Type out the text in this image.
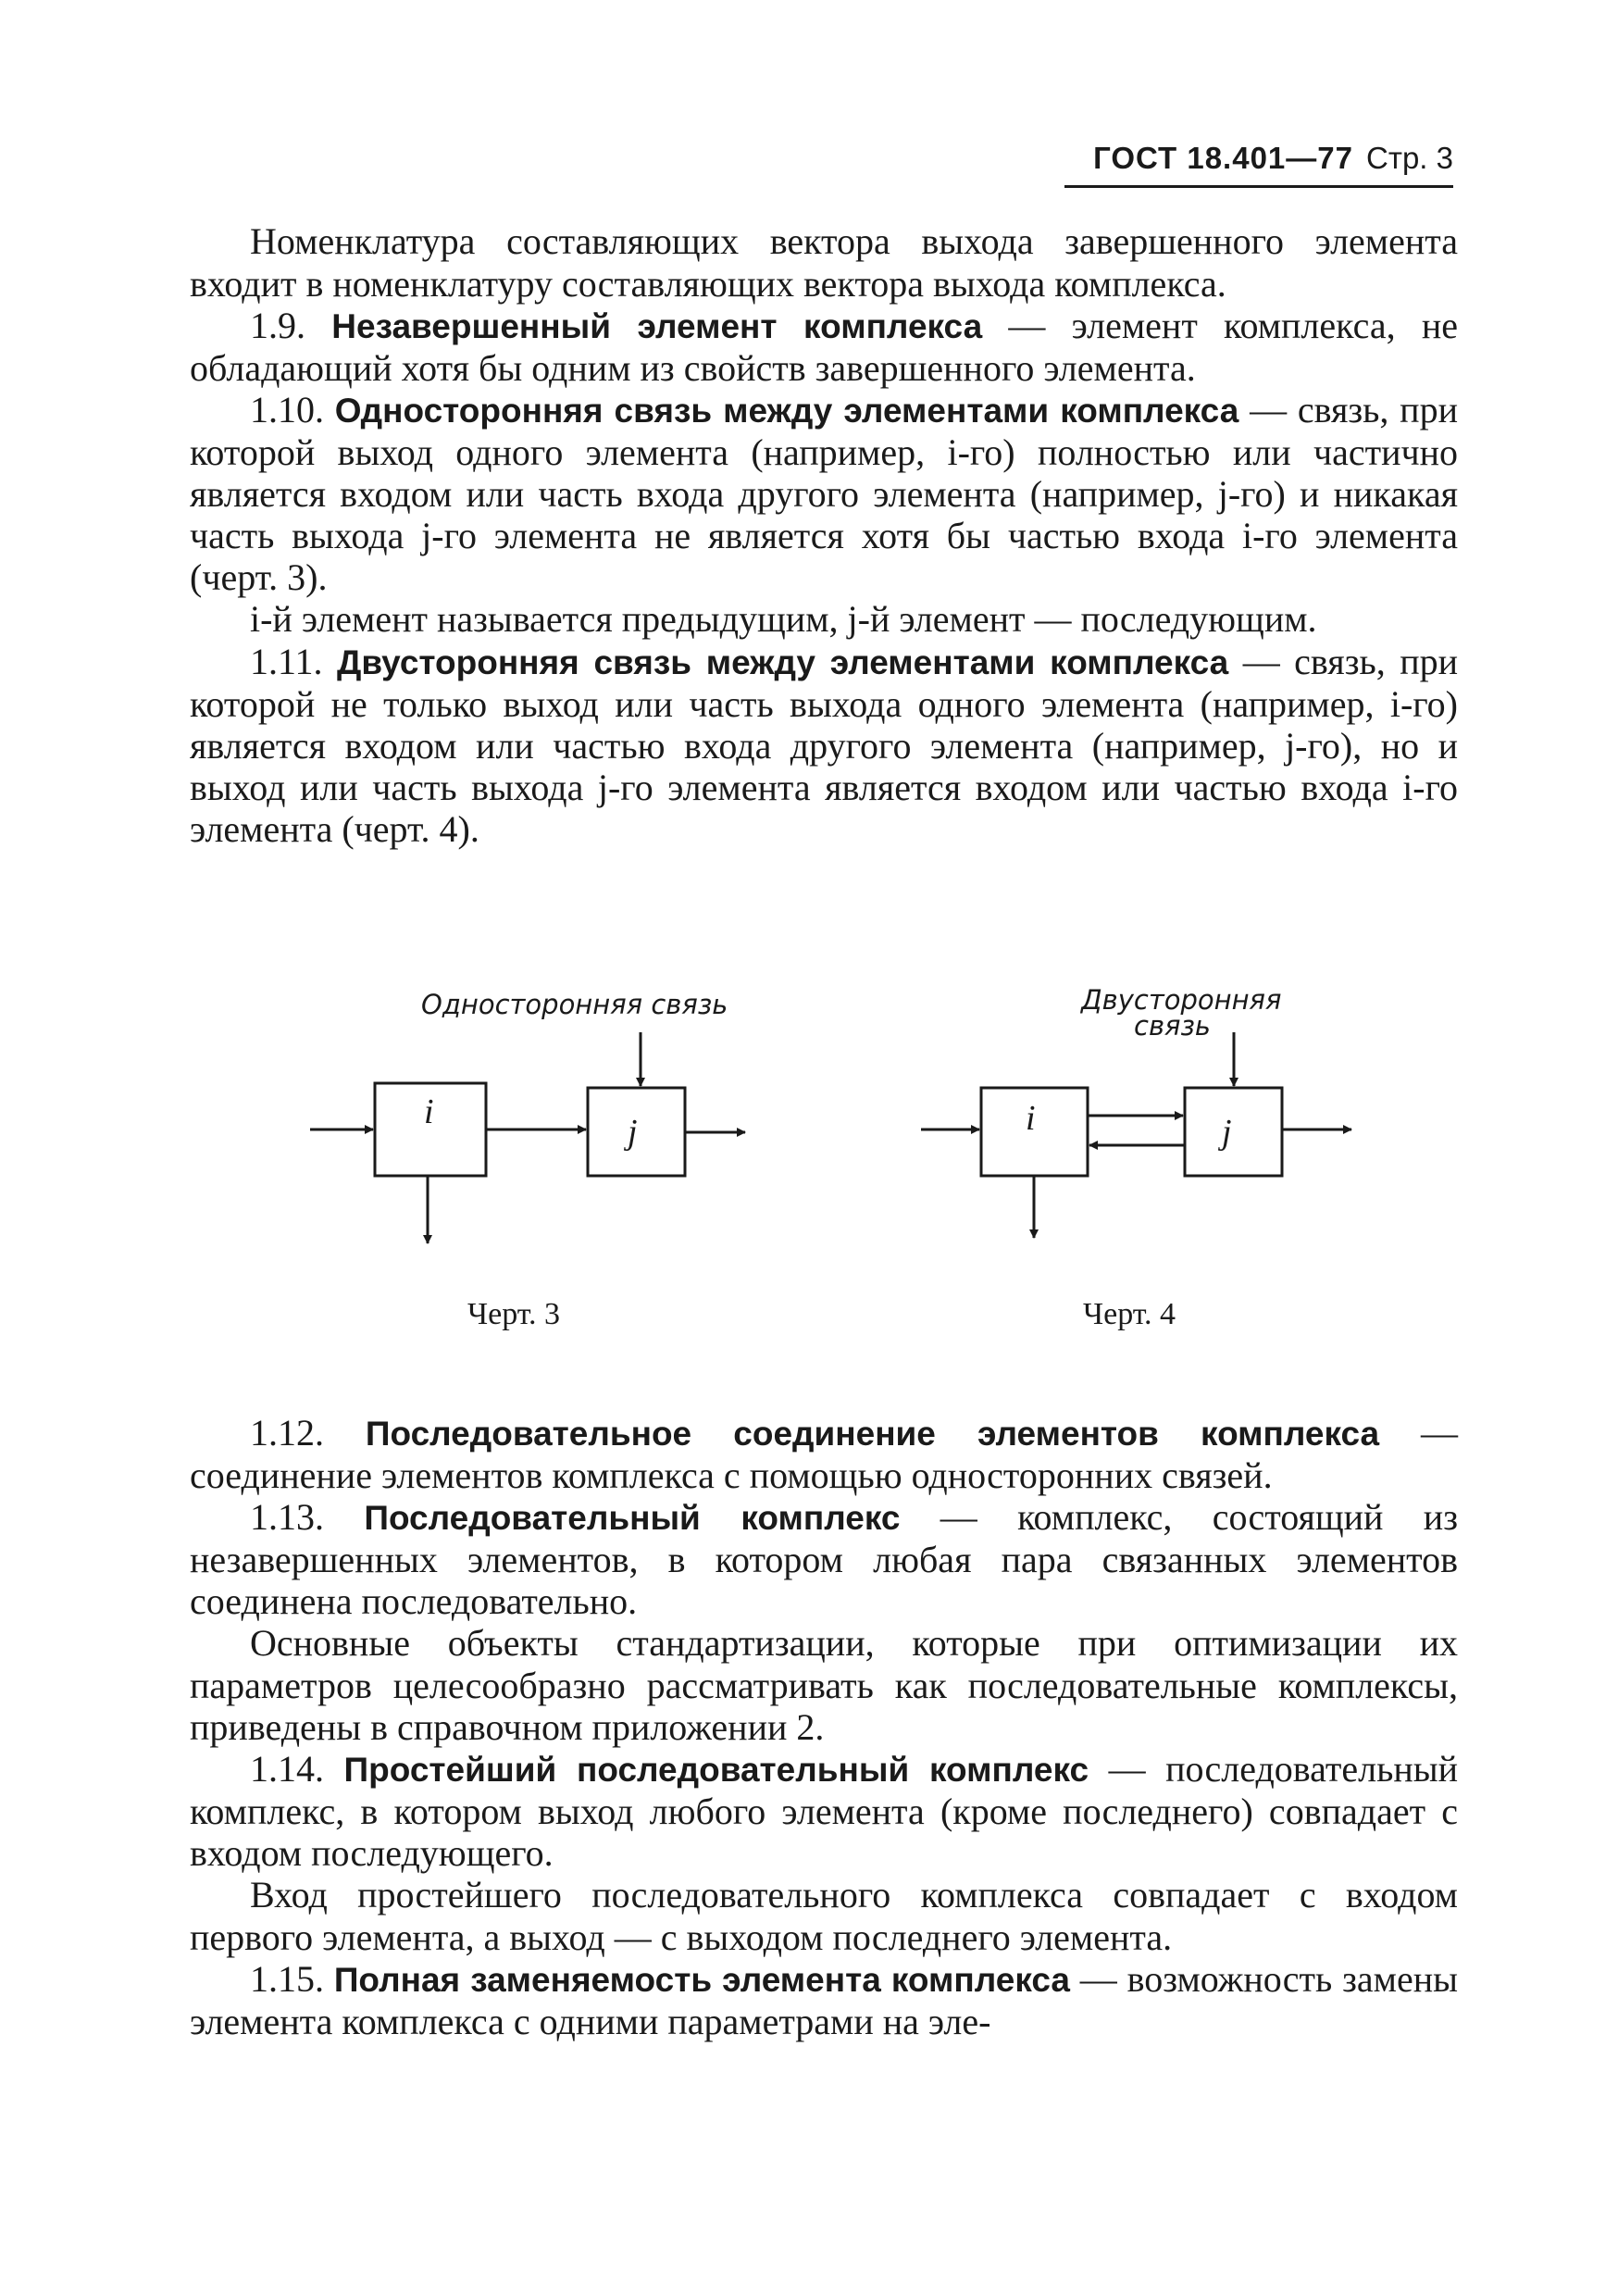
ГОСТ 18.401—77 Стр. 3

Номенклатура составляющих вектора выхода завершенного элемента входит в номенклатуру составляющих вектора выхода комплекса.

1.9. Незавершенный элемент комплекса — элемент комплекса, не обладающий хотя бы одним из свойств завершенного элемента.

1.10. Односторонняя связь между элементами комплекса — связь, при которой выход одного элемента (например, i-го) полностью или частично является входом или часть входа другого элемента (например, j-го) и никакая часть выхода j-го элемента не является хотя бы частью входа i-го элемента (черт. 3).

i-й элемент называется предыдущим, j-й элемент — последующим.

1.11. Двусторонняя связь между элементами комплекса — связь, при которой не только выход или часть выхода одного элемента (например, i-го) является входом или частью входа другого элемента (например, j-го), но и выход или часть выхода j-го элемента является входом или частью входа i-го элемента (черт. 4).

Односторонняя связь
i
j
Черт. 3
Двусторонняя
связь
i	j
Черт. 4

1.12. Последовательное соединение элементов комплекса — соединение элементов комплекса с помощью односторонних связей.

1.13. Последовательный комплекс — комплекс, состоящий из незавершенных элементов, в котором любая пара связанных элементов соединена последовательно.

Основные объекты стандартизации, которые при оптимизации их параметров целесообразно рассматривать как последовательные комплексы, приведены в справочном приложении 2.

1.14. Простейший последовательный комплекс — последовательный комплекс, в котором выход любого элемента (кроме последнего) совпадает с входом последующего.

Вход простейшего последовательного комплекса совпадает с входом первого элемента, а выход — с выходом последнего элемента.

1.15. Полная заменяемость элемента комплекса — возможность замены элемента комплекса с одними параметрами на эле-
